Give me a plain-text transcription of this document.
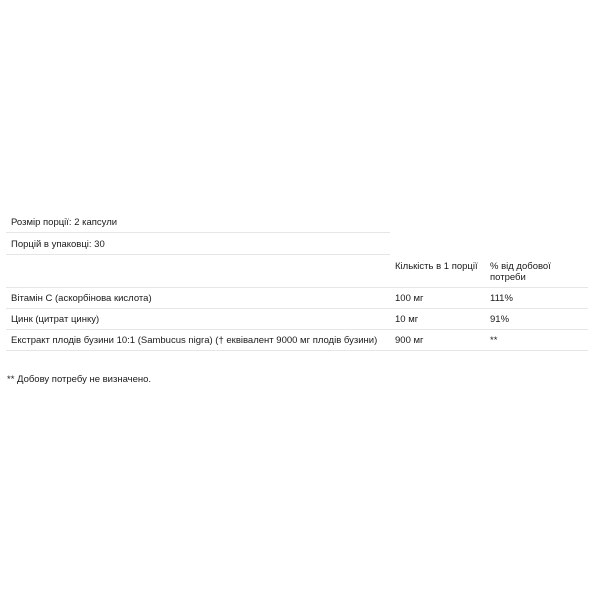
Розмір порції: 2 капсули
Порцій в упаковці: 30
	Кількість в 1 порції	% від добової потреби
Вітамін С (аскорбінова кислота)	100 мг	111%
Цинк (цитрат цинку)	10 мг	91%
Екстракт плодів бузини 10:1 (Sambucus nigra) († еквівалент 9000 мг плодів бузини)	900 мг	**
** Добову потребу не визначено.
